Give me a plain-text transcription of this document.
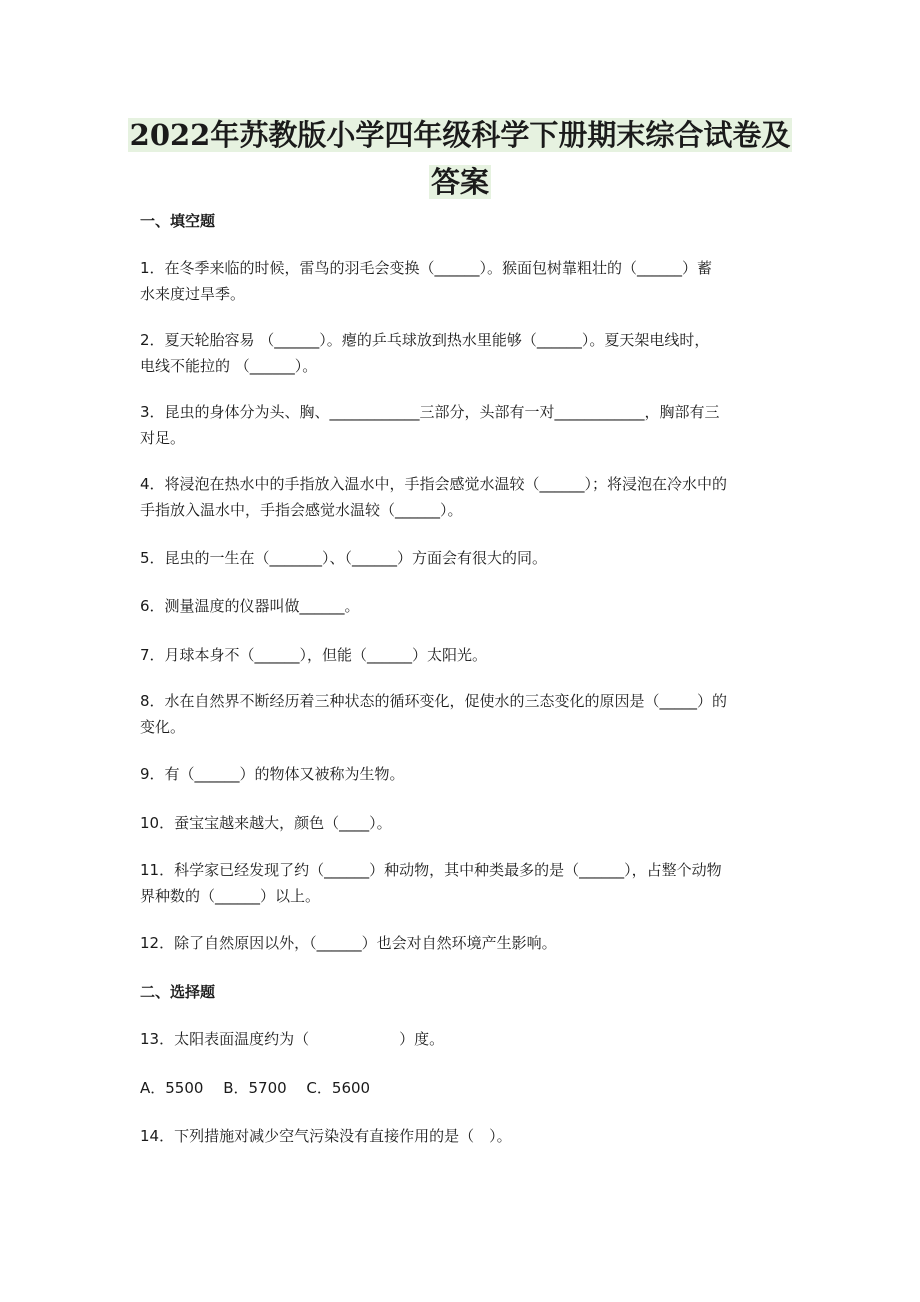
2022年苏教版小学四年级科学下册期末综合试卷及
答案
一、填空题
1．在冬季来临的时候，雷鸟的羽毛会变换（______）。猴面包树靠粗壮的（______）蓄
水来度过旱季。
2．夏天轮胎容易 （______）。瘪的乒乓球放到热水里能够（______）。夏天架电线时，
电线不能拉的 （______）。
3．昆虫的身体分为头、胸、____________三部分，头部有一对____________，胸部有三
对足。
4．将浸泡在热水中的手指放入温水中，手指会感觉水温较（______）；将浸泡在冷水中的
手指放入温水中，手指会感觉水温较（______）。
5．昆虫的一生在（_______）、（______）方面会有很大的同。
6．测量温度的仪器叫做______。
7．月球本身不（______），但能（______）太阳光。
8．水在自然界不断经历着三种状态的循环变化，促使水的三态变化的原因是（_____）的
变化。
9．有（______）的物体又被称为生物。
10．蚕宝宝越来越大，颜色（____）。
11．科学家已经发现了约（______）种动物，其中种类最多的是（______），占整个动物
界种数的（______）以上。
12．除了自然原因以外，（______）也会对自然环境产生影响。
二、选择题
13．太阳表面温度约为（　　　　　　）度。
A．5500　 B．5700　 C．5600
14．下列措施对减少空气污染没有直接作用的是（　）。
